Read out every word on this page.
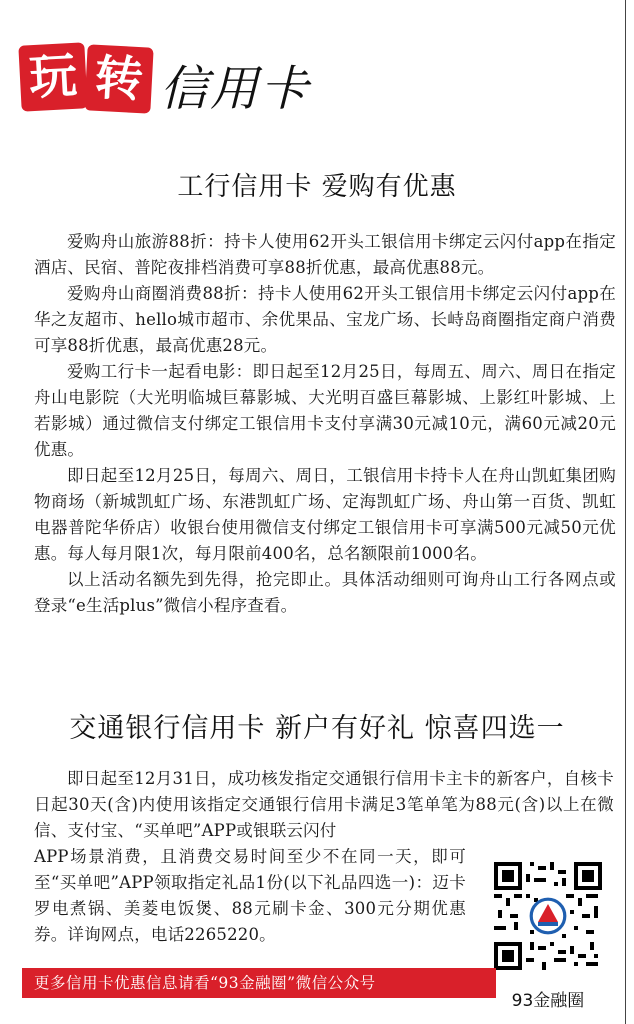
玩 转 信用卡
工行信用卡 爱购有优惠

爱购舟山旅游88折：持卡人使用62开头工银信用卡绑定云闪付app在指定酒店、民宿、普陀夜排档消费可享88折优惠，最高优惠88元。

爱购舟山商圈消费88折：持卡人使用62开头工银信用卡绑定云闪付app在华之友超市、hello城市超市、余优果品、宝龙广场、长峙岛商圈指定商户消费可享88折优惠，最高优惠28元。

爱购工行卡一起看电影：即日起至12月25日，每周五、周六、周日在指定舟山电影院（大光明临城巨幕影城、大光明百盛巨幕影城、上影红叶影城、上若影城）通过微信支付绑定工银信用卡支付享满30元减10元，满60元减20元优惠。

即日起至12月25日，每周六、周日，工银信用卡持卡人在舟山凯虹集团购物商场（新城凯虹广场、东港凯虹广场、定海凯虹广场、舟山第一百货、凯虹电器普陀华侨店）收银台使用微信支付绑定工银信用卡可享满500元减50元优惠。每人每月限1次，每月限前400名，总名额限前1000名。

以上活动名额先到先得，抢完即止。具体活动细则可询舟山工行各网点或登录“e生活plus”微信小程序查看。

交通银行信用卡 新户有好礼 惊喜四选一

即日起至12月31日，成功核发指定交通银行信用卡主卡的新客户，自核卡日起30天(含)内使用该指定交通银行信用卡满足3笔单笔为88元(含)以上在微信、支付宝、“买单吧”APP或银联云闪付

APP场景消费，且消费交易时间至少不在同一天，即可至“买单吧”APP领取指定礼品1份(以下礼品四选一)：迈卡罗电煮锅、美菱电饭煲、88元刷卡金、300元分期优惠券。详询网点，电话2265220。

93金融圈
更多信用卡优惠信息请看“93金融圈”微信公众号
